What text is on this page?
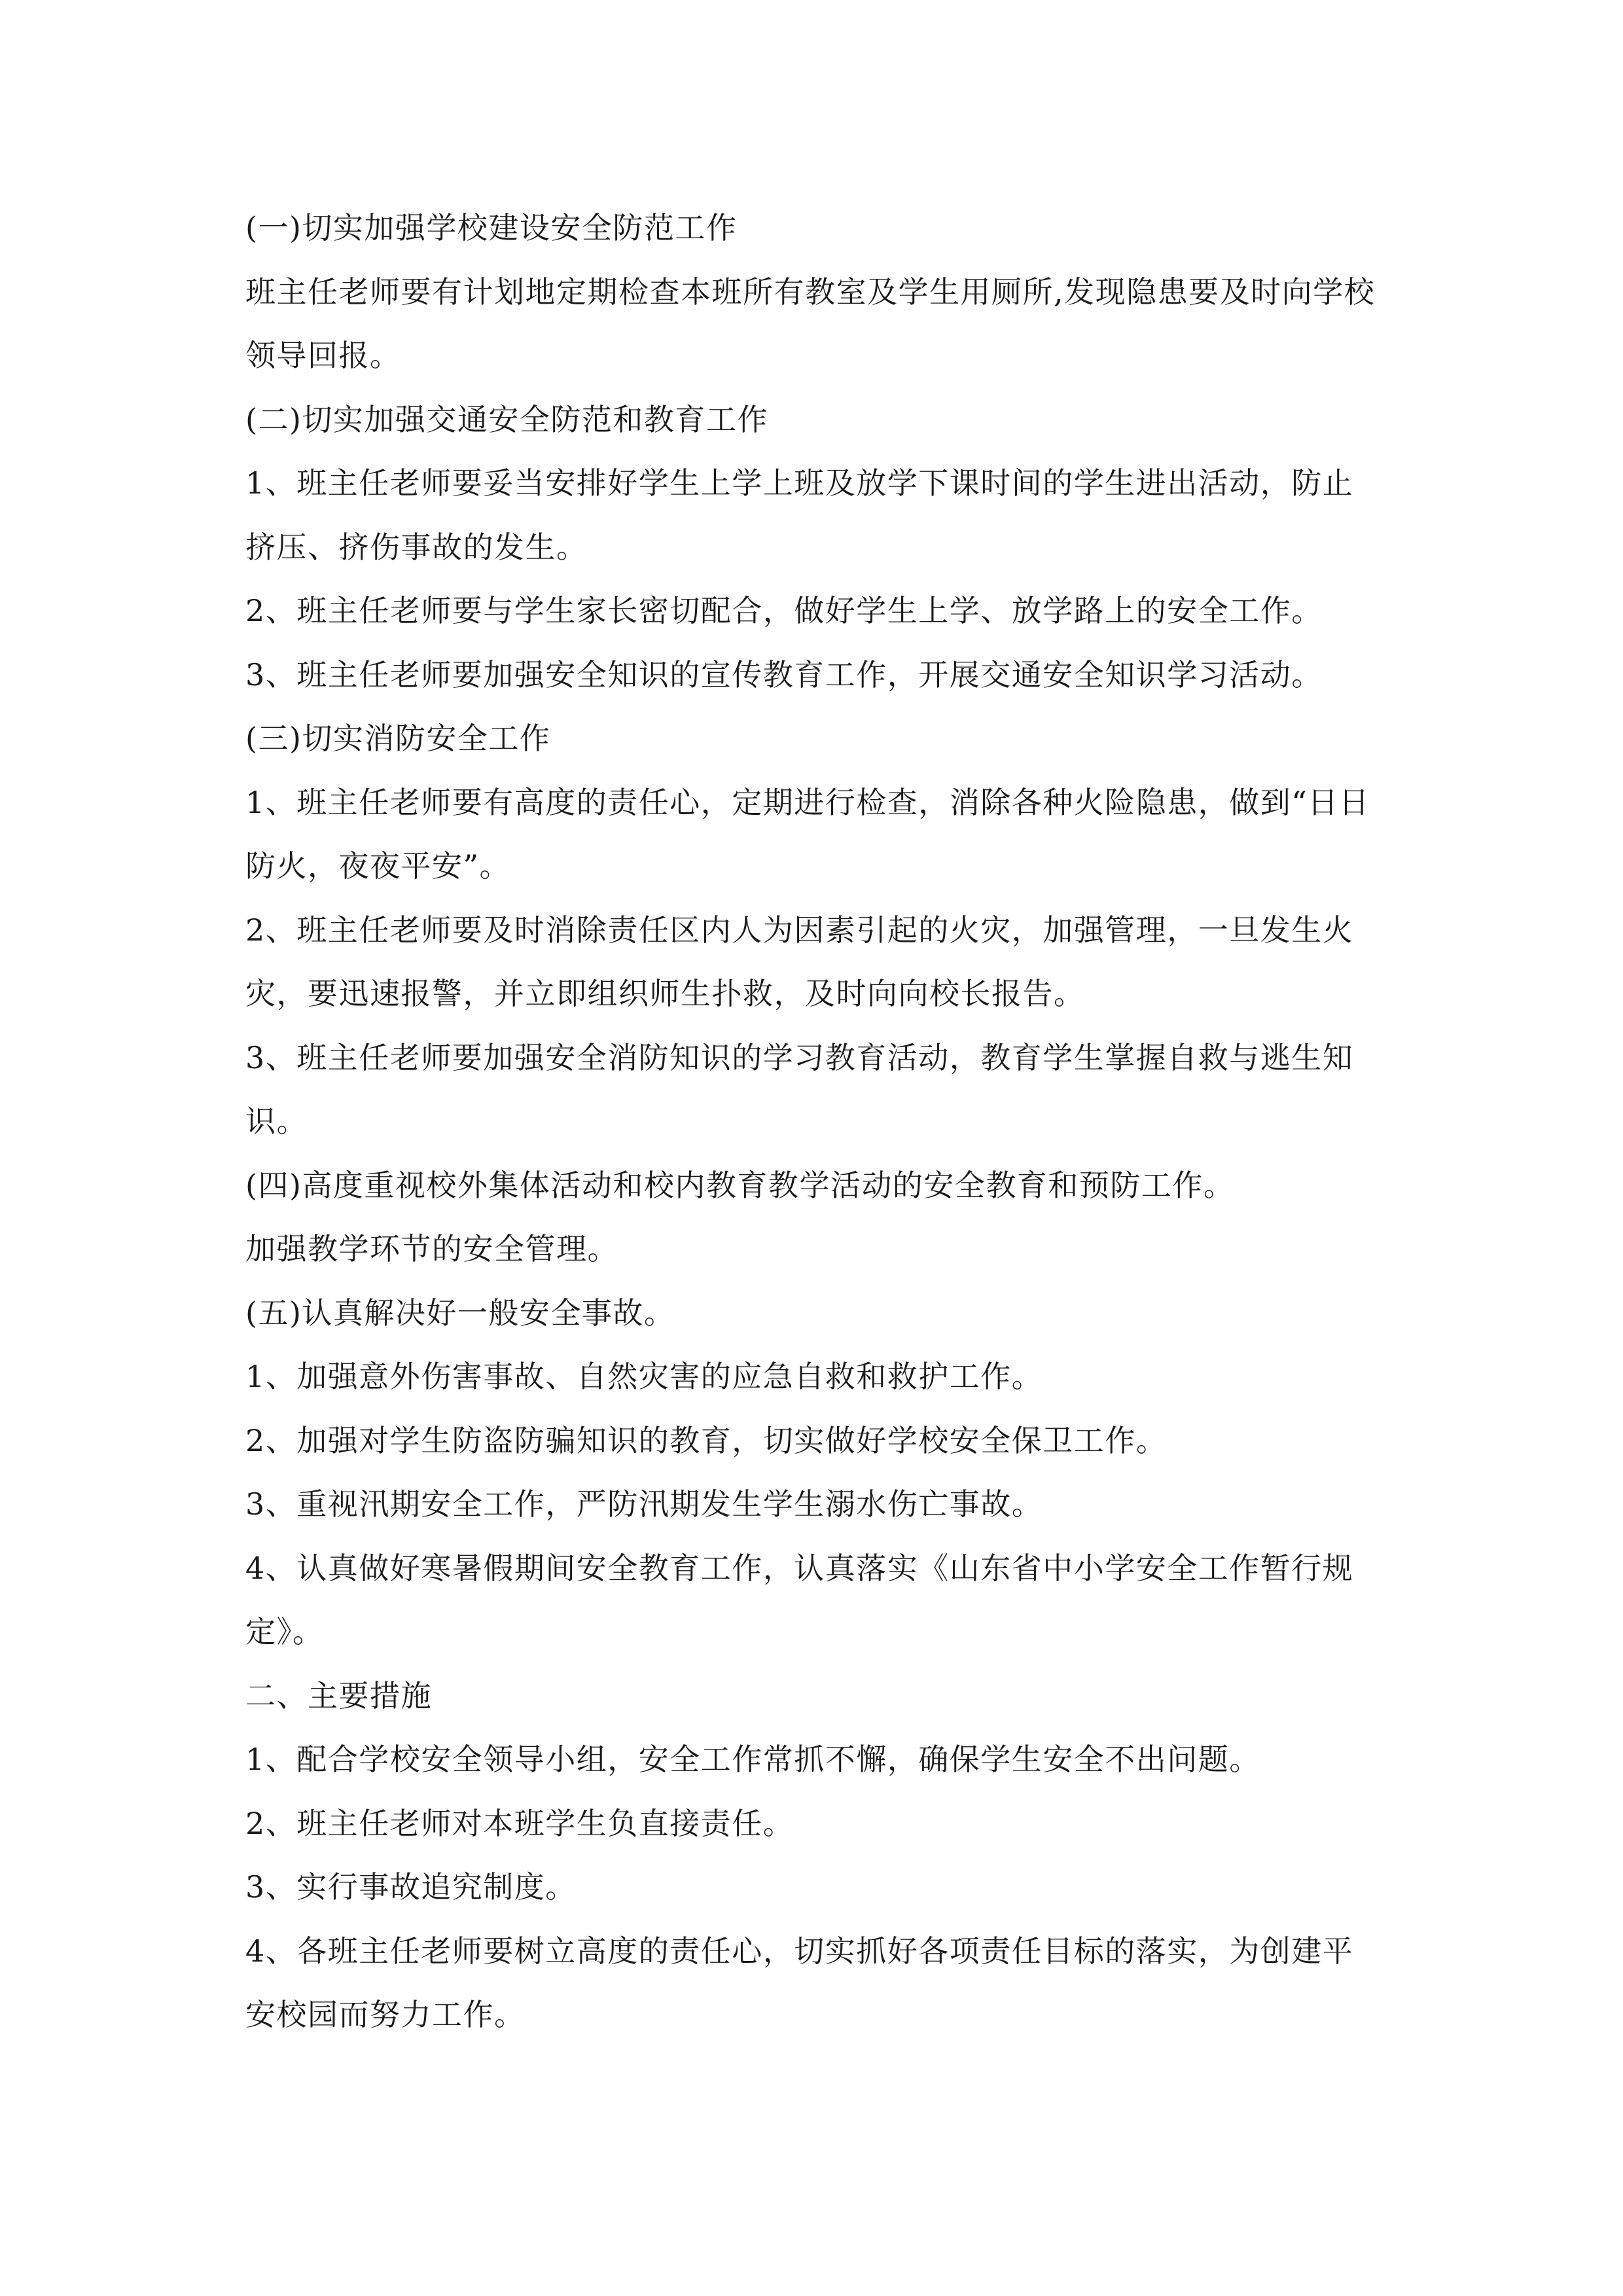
(一)切实加强学校建设安全防范工作

班主任老师要有计划地定期检查本班所有教室及学生用厕所,发现隐患要及时向学校领导回报。

(二)切实加强交通安全防范和教育工作

1、班主任老师要妥当安排好学生上学上班及放学下课时间的学生进出活动，防止挤压、挤伤事故的发生。

2、班主任老师要与学生家长密切配合，做好学生上学、放学路上的安全工作。

3、班主任老师要加强安全知识的宣传教育工作，开展交通安全知识学习活动。

(三)切实消防安全工作

1、班主任老师要有高度的责任心，定期进行检查，消除各种火险隐患，做到“日日防火，夜夜平安”。

2、班主任老师要及时消除责任区内人为因素引起的火灾，加强管理，一旦发生火灾，要迅速报警，并立即组织师生扑救，及时向向校长报告。

3、班主任老师要加强安全消防知识的学习教育活动，教育学生掌握自救与逃生知识。

(四)高度重视校外集体活动和校内教育教学活动的安全教育和预防工作。

加强教学环节的安全管理。

(五)认真解决好一般安全事故。

1、加强意外伤害事故、自然灾害的应急自救和救护工作。

2、加强对学生防盗防骗知识的教育，切实做好学校安全保卫工作。

3、重视汛期安全工作，严防汛期发生学生溺水伤亡事故。

4、认真做好寒暑假期间安全教育工作，认真落实《山东省中小学安全工作暂行规定》。

二、主要措施

1、配合学校安全领导小组，安全工作常抓不懈，确保学生安全不出问题。

2、班主任老师对本班学生负直接责任。

3、实行事故追究制度。

4、各班主任老师要树立高度的责任心，切实抓好各项责任目标的落实，为创建平安校园而努力工作。
